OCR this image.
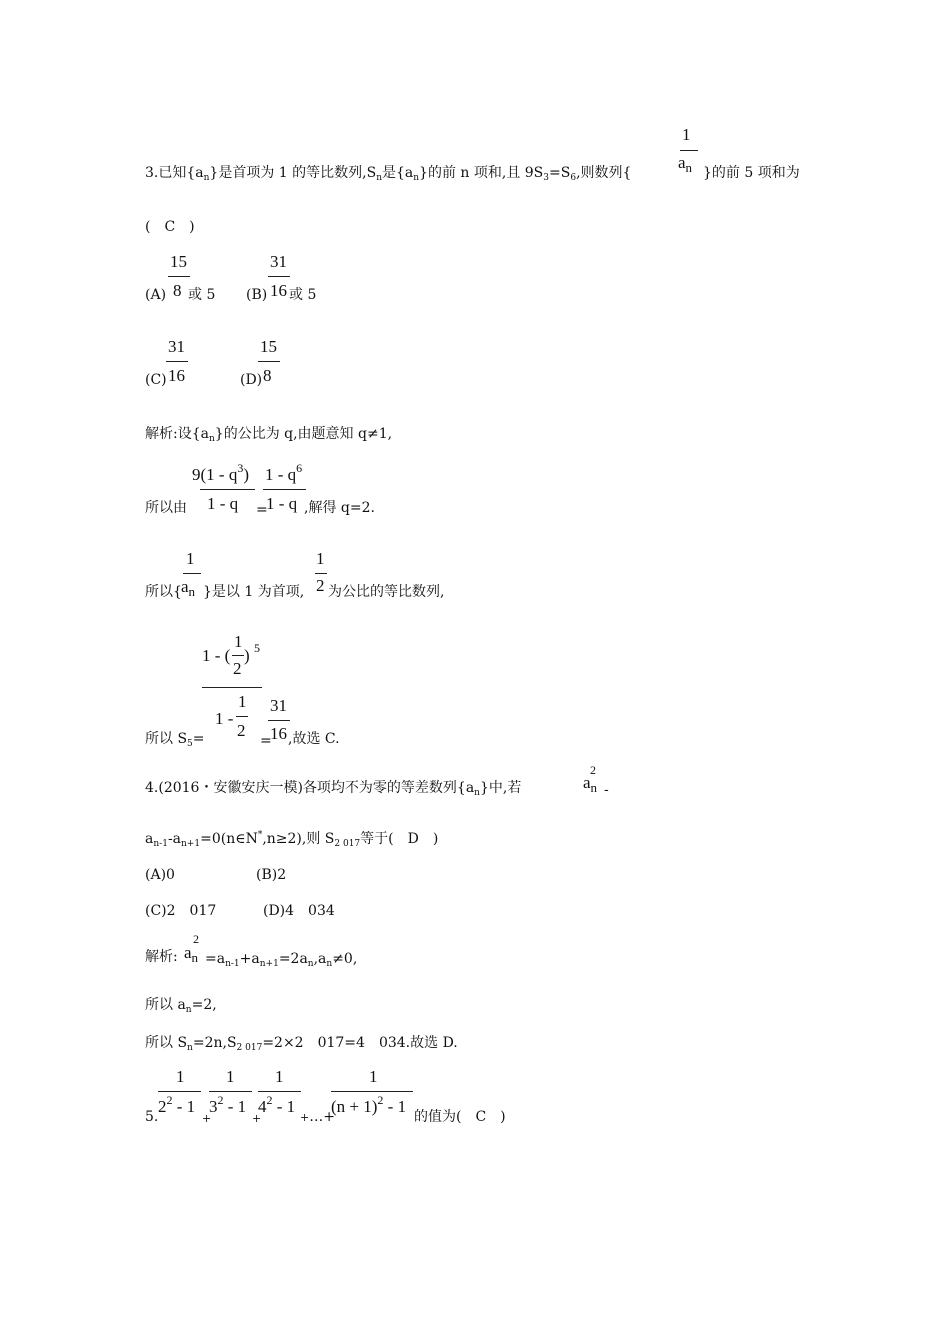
1
$a_n$
3.已知$\{a_n\}$是首项为 1 的等比数列$,S_n$是$\{a_n\}$的前 n 项和,且 $9S_3=S_6$,则数列{	}的前 5 项和为
(　C　)
(A)
15
8 或 5 (B)
31
16 或 5
(C)
31
16	(D)
15
8
解析:设$\{a_n\}$的公比为 q,由题意知 q≠1,
所以由
$9(1 - q^3)$
1 - q =
$1 - q^6$
1 - q ,解得 q=2.
所以{
1
$a_n$ }是以 1 为首项,
1
2 为公比的等比数列,
所以 $S_5=$
1 - (
1
2
) 5
1 -
1
2
=
31
16 ,故选 C.
4.(2016・安徽安庆一模)各项均不为零的等差数列$\{a_n\}$中,若	$a_n$
2
-
$a_{n-1}-a_{n+1}=0(n\in N^*,n\ge 2)$,则 $S_{2 017}$等于(　D　)
(A)0	(B)2
(C)2　017	(D)4　034
解析: $a_n$
2
$=a_{n-1}+a_{n+1}=2a_n,a_n\ne 0$,
所以 $a_n=2$,
所以 $S_n=2n,S_{2 017}=2\times 2$　017=4　034.故选 D.
5.
1
$2^2 - 1$
+
1
$3^2 - 1$
+
1
$4^2 - 1$
+…+
1
$(n + 1)^2 - 1$
的值为(　C　)
